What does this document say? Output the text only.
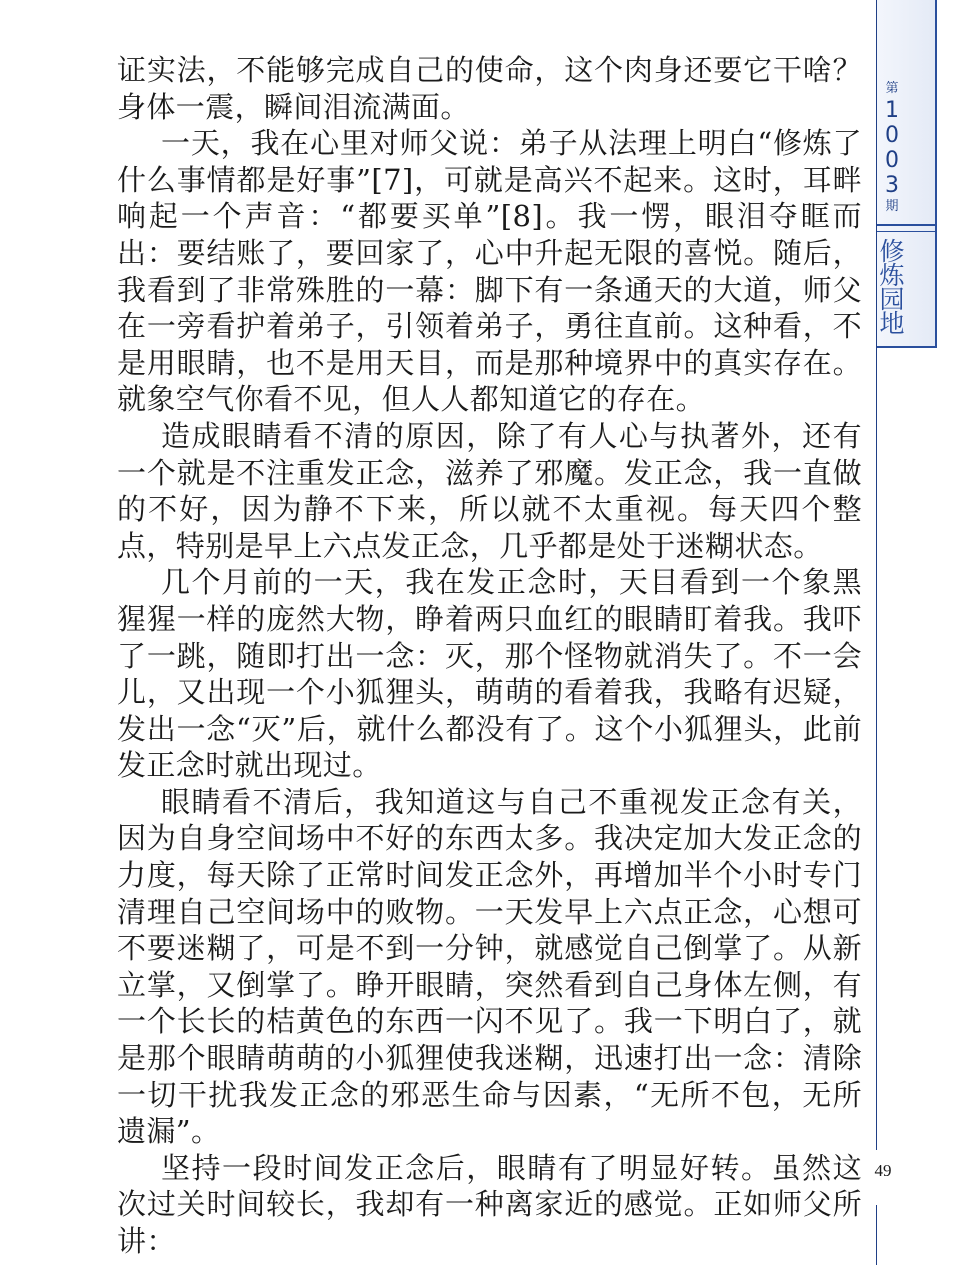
证实法，不能够完成自己的使命，这个肉身还要它干啥？身体一震，瞬间泪流满面。

一天，我在心里对师父说：弟子从法理上明白“修炼了什么事情都是好事”[7]，可就是高兴不起来。这时，耳畔响起一个声音：“都要买单”[8]。我一愣，眼泪夺眶而出：要结账了，要回家了，心中升起无限的喜悦。随后，我看到了非常殊胜的一幕：脚下有一条通天的大道，师父在一旁看护着弟子，引领着弟子，勇往直前。这种看，不是用眼睛，也不是用天目，而是那种境界中的真实存在。就象空气你看不见，但人人都知道它的存在。

造成眼睛看不清的原因，除了有人心与执著外，还有一个就是不注重发正念，滋养了邪魔。发正念，我一直做的不好，因为静不下来，所以就不太重视。每天四个整点，特别是早上六点发正念，几乎都是处于迷糊状态。

几个月前的一天，我在发正念时，天目看到一个象黑猩猩一样的庞然大物，睁着两只血红的眼睛盯着我。我吓了一跳，随即打出一念：灭，那个怪物就消失了。不一会儿，又出现一个小狐狸头，萌萌的看着我，我略有迟疑，发出一念“灭”后，就什么都没有了。这个小狐狸头，此前发正念时就出现过。

眼睛看不清后，我知道这与自己不重视发正念有关，因为自身空间场中不好的东西太多。我决定加大发正念的力度，每天除了正常时间发正念外，再增加半个小时专门清理自己空间场中的败物。一天发早上六点正念，心想可不要迷糊了，可是不到一分钟，就感觉自己倒掌了。从新立掌，又倒掌了。睁开眼睛，突然看到自己身体左侧，有一个长长的桔黄色的东西一闪不见了。我一下明白了，就是那个眼睛萌萌的小狐狸使我迷糊，迅速打出一念：清除一切干扰我发正念的邪恶生命与因素，“无所不包，无所遗漏”。

坚持一段时间发正念后，眼睛有了明显好转。虽然这次过关时间较长，我却有一种离家近的感觉。正如师父所讲：

第
1
0
0
3
期
修
炼
园
地
49
